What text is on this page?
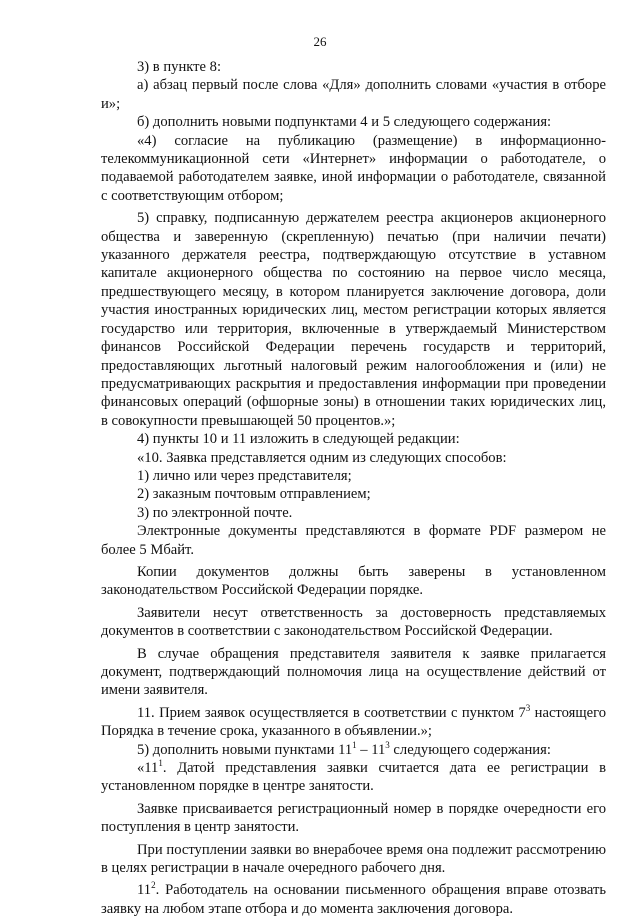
26

3) в пункте 8:

а) абзац первый после слова «Для» дополнить словами «участия в отборе и»;

б) дополнить новыми подпунктами 4 и 5 следующего содержания:

«4) согласие на публикацию (размещение) в информационно-телекоммуникационной сети «Интернет» информации о работодателе, о подаваемой работодателем заявке, иной информации о работодателе, связанной с соответствующим отбором;

5) справку, подписанную держателем реестра акционеров акционерного общества и заверенную (скрепленную) печатью (при наличии печати) указанного держателя реестра, подтверждающую отсутствие в уставном капитале акционерного общества по состоянию на первое число месяца, предшествующего месяцу, в котором планируется заключение договора, доли участия иностранных юридических лиц, местом регистрации которых является государство или территория, включенные в утверждаемый Министерством финансов Российской Федерации перечень государств и территорий, предоставляющих льготный налоговый режим налогообложения и (или) не предусматривающих раскрытия и предоставления информации при проведении финансовых операций (офшорные зоны) в отношении таких юридических лиц, в совокупности превышающей 50 процентов.»;

4) пункты 10 и 11 изложить в следующей редакции:

«10. Заявка представляется одним из следующих способов:

1) лично или через представителя;

2) заказным почтовым отправлением;

3) по электронной почте.

Электронные документы представляются в формате PDF размером не более 5 Мбайт.

Копии документов должны быть заверены в установленном законодательством Российской Федерации порядке.

Заявители несут ответственность за достоверность представляемых документов в соответствии с законодательством Российской Федерации.

В случае обращения представителя заявителя к заявке прилагается документ, подтверждающий полномочия лица на осуществление действий от имени заявителя.

11. Прием заявок осуществляется в соответствии с пунктом $7^3$ настоящего Порядка в течение срока, указанного в объявлении.»;

5) дополнить новыми пунктами $11^1 - 11^3$ следующего содержания:

«$11^1$. Датой представления заявки считается дата ее регистрации в установленном порядке в центре занятости.

Заявке присваивается регистрационный номер в порядке очередности его поступления в центр занятости.

При поступлении заявки во внерабочее время она подлежит рассмотрению в целях регистрации в начале очередного рабочего дня.

$11^2$. Работодатель на основании письменного обращения вправе отозвать заявку на любом этапе отбора и до момента заключения договора.
